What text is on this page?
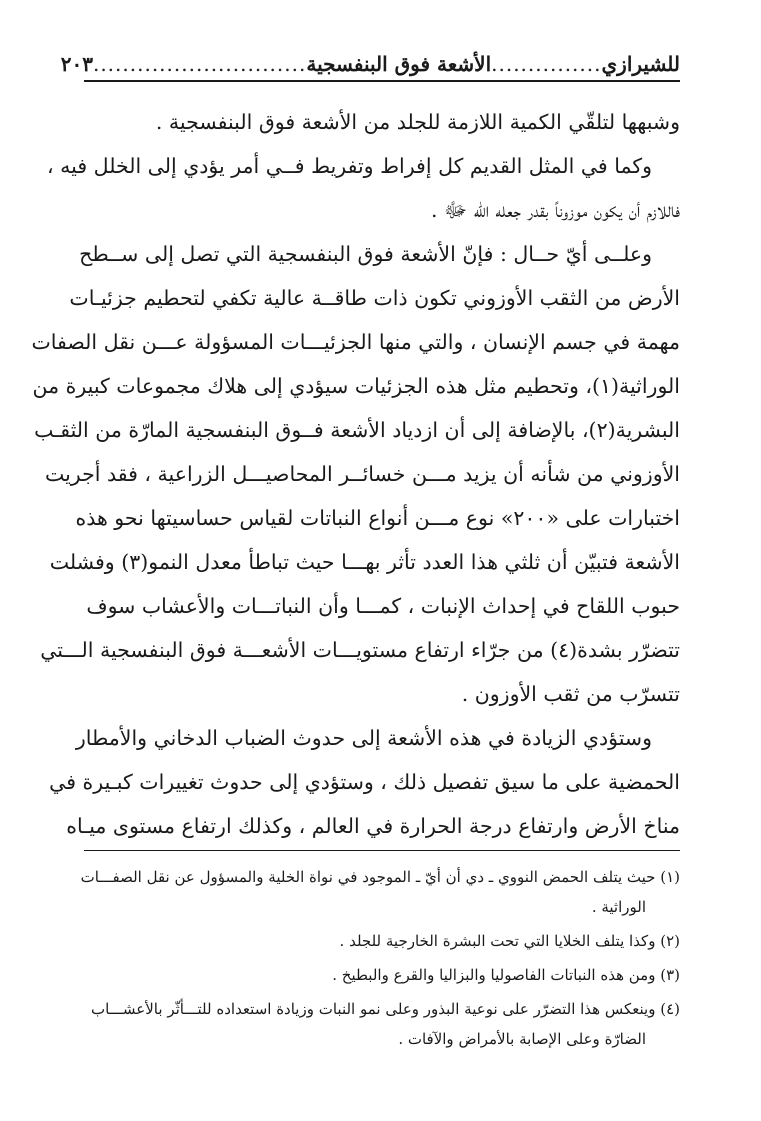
للشيرازي
...............
الأشعة فوق البنفسجية
.............................
٢٠٣
وشبهها لتلقّي الكمية اللازمة للجلد من الأشعة فوق البنفسجية .
وكما في المثل القديم كل إفراط وتفريط فــي أمر يؤدي إلى الخلل فيه ،
فاللازم أن يكون موزوناً بقدر جعله الله ﷻ .
وعلــى أيّ حــال : فإنّ الأشعة فوق البنفسجية التي تصل إلى ســطح
الأرض من الثقب الأوزوني تكون ذات طاقــة عالية تكفي لتحطيم جزئيـات
مهمة في جسم الإنسان ، والتي منها الجزئيـــات المسؤولة عـــن نقل الصفات
الوراثية(١)، وتحطيم مثل هذه الجزئيات سيؤدي إلى هلاك مجموعات كبيرة من
البشرية(٢)، بالإضافة إلى أن ازدياد الأشعة فــوق البنفسجية المارّة من الثقـب
الأوزوني من شأنه أن يزيد مـــن خسائــر المحاصيـــل الزراعية ، فقد أجريت
اختبارات على «٢٠٠» نوع مـــن أنواع النباتات لقياس حساسيتها نحو هذه
الأشعة فتبيّن أن ثلثي هذا العدد تأثر بهـــا حيث تباطأ معدل النمو(٣) وفشلت
حبوب اللقاح في إحداث الإنبات ، كمـــا وأن النباتـــات والأعشاب سوف
تتضرّر بشدة(٤) من جرّاء ارتفاع مستويـــات الأشعـــة فوق البنفسجية الـــتي
تتسرّب من ثقب الأوزون .
وستؤدي الزيادة في هذه الأشعة إلى حدوث الضباب الدخاني والأمطار
الحمضية على ما سيق تفصيل ذلك ، وستؤدي إلى حدوث تغييرات كبـيرة في
مناخ الأرض وارتفاع درجة الحرارة في العالم ، وكذلك ارتفاع مستوى ميـاه
(١) حيث يتلف الحمض النووي ـ دي أن أيّ ـ الموجود في نواة الخلية والمسؤول عن نقل الصفـــات
الوراثية .
(٢) وكذا يتلف الخلايا التي تحت البشرة الخارجية للجلد .
(٣) ومن هذه النباتات الفاصوليا والبزاليا والقرع والبطيخ .
(٤) وينعكس هذا التضرّر على نوعية البذور وعلى نمو النبات وزيادة استعداده للتـــأثّر بالأعشـــاب
الضارّة وعلى الإصابة بالأمراض والآفات .
